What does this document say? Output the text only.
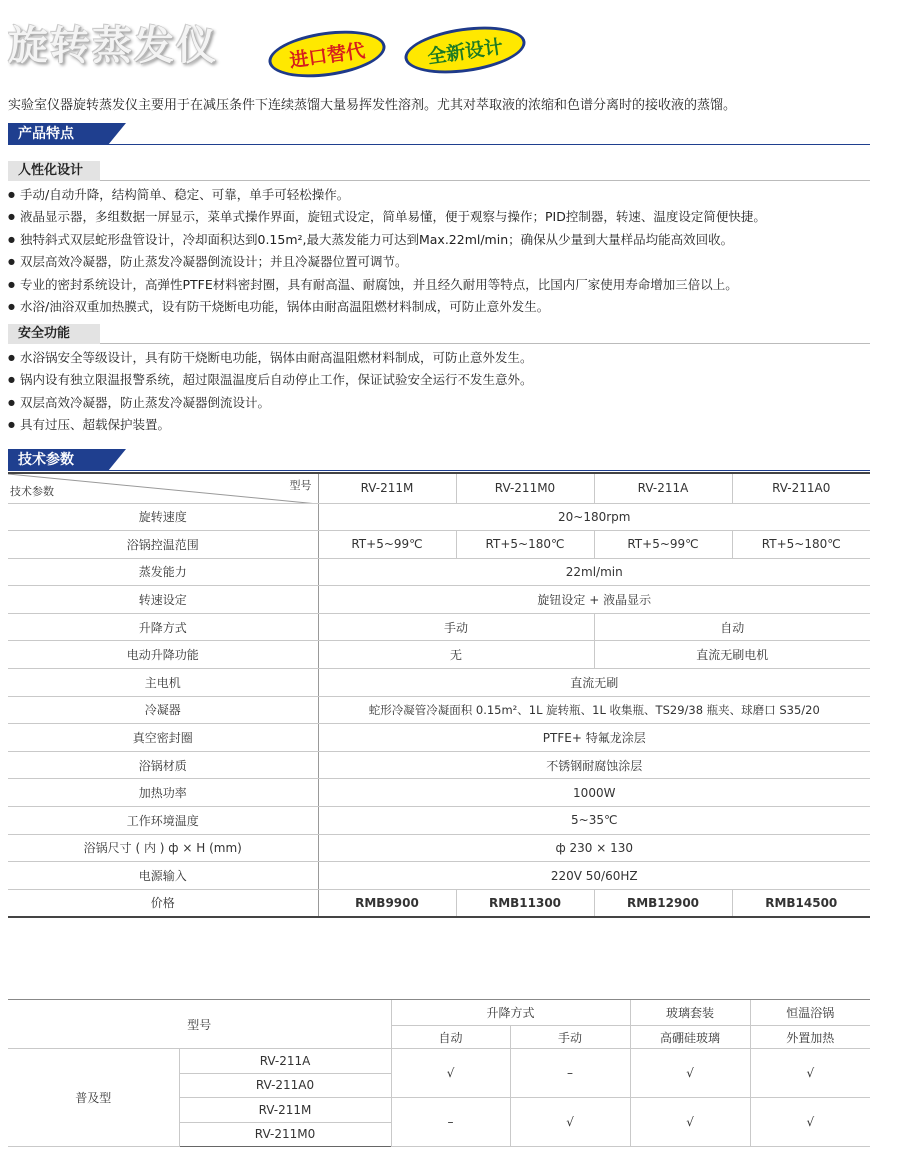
旋转蒸发仪	进口替代	全新设计
实验室仪器旋转蒸发仪主要用于在减压条件下连续蒸馏大量易挥发性溶剂。尤其对萃取液的浓缩和色谱分离时的接收液的蒸馏。
产品特点
人性化设计
● 手动/自动升降，结构简单、稳定、可靠，单手可轻松操作。
● 液晶显示器，多组数据一屏显示，菜单式操作界面，旋钮式设定，简单易懂，便于观察与操作；PID控制器，转速、温度设定简便快捷。
● 独特斜式双层蛇形盘管设计，冷却面积达到0.15m²,最大蒸发能力可达到Max.22ml/min；确保从少量到大量样品均能高效回收。
● 双层高效冷凝器，防止蒸发冷凝器倒流设计；并且冷凝器位置可调节。
● 专业的密封系统设计，高弹性PTFE材料密封圈，具有耐高温、耐腐蚀，并且经久耐用等特点，比国内厂家使用寿命增加三倍以上。
● 水浴/油浴双重加热膜式，设有防干烧断电功能，锅体由耐高温阻燃材料制成，可防止意外发生。
安全功能
● 水浴锅安全等级设计，具有防干烧断电功能，锅体由耐高温阻燃材料制成，可防止意外发生。
● 锅内设有独立限温报警系统，超过限温温度后自动停止工作，保证试验安全运行不发生意外。
● 双层高效冷凝器，防止蒸发冷凝器倒流设计。
● 具有过压、超载保护装置。
技术参数
型号
技术参数	RV-211M	RV-211M0	RV-211A	RV-211A0
旋转速度	20~180rpm			
浴锅控温范围	RT+5~99℃	RT+5~180℃	RT+5~99℃	RT+5~180℃
蒸发能力	22ml/min			
转速设定	旋钮设定 + 液晶显示			
升降方式	手动		自动	
电动升降功能	无		直流无刷电机	
主电机	直流无刷			
冷凝器	蛇形冷凝管冷凝面积 0.15m²、1L 旋转瓶、1L 收集瓶、TS29/38 瓶夹、球磨口 S35/20			
真空密封圈	PTFE+ 特氟龙涂层			
浴锅材质	不锈钢耐腐蚀涂层			
加热功率	1000W			
工作环境温度	5~35℃			
浴锅尺寸 ( 内 ) ф × H (mm)	ф 230 × 130			
电源输入	220V 50/60HZ			
价格	RMB9900	RMB11300	RMB12900	RMB14500
型号		升降方式		玻璃套装	恒温浴锅
		自动	手动	高硼硅玻璃	外置加热
普及型	RV-211A	√	–	√	√
	RV-211A0				
	RV-211M	–	√	√	√
	RV-211M0				
